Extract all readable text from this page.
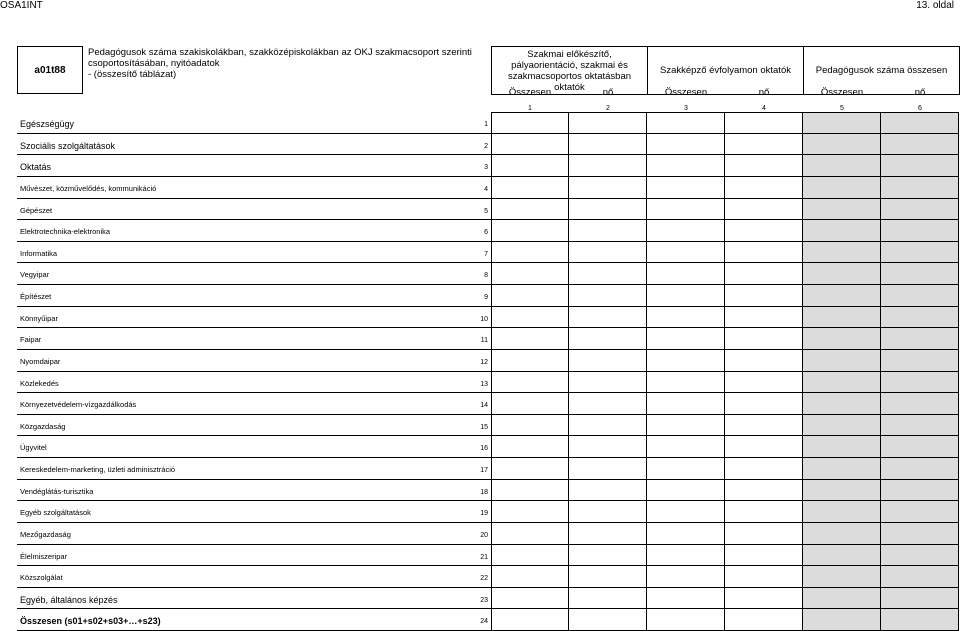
OSA1INT	13. oldal
a01t88
Pedagógusok száma szakiskolákban, szakközépiskolákban az OKJ szakmacsoport szerinti csoportosításában, nyitóadatok
- (összesítő táblázat)
Szakmai előkészítő, pályaorientáció, szakmai és szakmacsoportos oktatásban oktatók
Szakképző évfolyamon oktatók	Pedagógusok száma összesen
Összesen	nő	Összesen	nő	Összesen	nő
1	2	3	4	5	6
Egészségügy	1
Szociális szolgáltatások	2
Oktatás	3
Művészet, közművelődés, kommunikáció	4
Gépészet	5
Elektrotechnika-elektronika	6
Informatika	7
Vegyipar	8
Építészet	9
Könnyűipar	10
Faipar	11
Nyomdaipar	12
Közlekedés	13
Környezetvédelem-vízgazdálkodás	14
Közgazdaság	15
Ügyvitel	16
Kereskedelem-marketing, üzleti adminisztráció	17
Vendéglátás-turisztika	18
Egyéb szolgáltatások	19
Mezőgazdaság	20
Élelmiszeripar	21
Közszolgálat	22
Egyéb, általános képzés	23
Összesen (s01+s02+s03+…+s23)	24
